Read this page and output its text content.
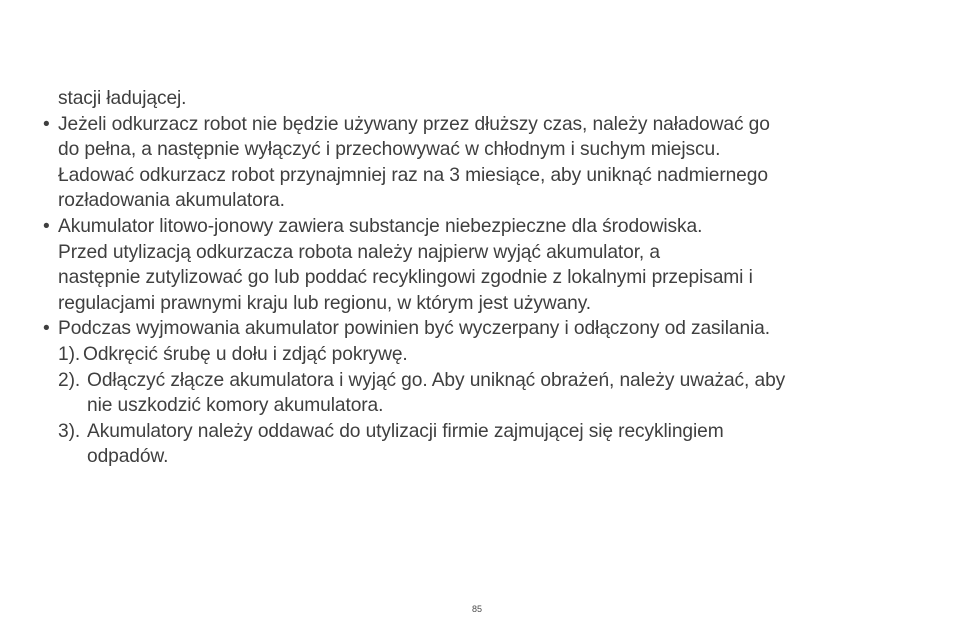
stacji ładującej.

• Jeżeli odkurzacz robot nie będzie używany przez dłuższy czas, należy naładować go
do pełna, a następnie wyłączyć i przechowywać w chłodnym i suchym miejscu.
Ładować odkurzacz robot przynajmniej raz na 3 miesiące, aby uniknąć nadmiernego
rozładowania akumulatora.
• Akumulator litowo-jonowy zawiera substancje niebezpieczne dla środowiska.
Przed utylizacją odkurzacza robota należy najpierw wyjąć akumulator, a
następnie zutylizować go lub poddać recyklingowi zgodnie z lokalnymi przepisami i
regulacjami prawnymi kraju lub regionu, w którym jest używany.
• Podczas wyjmowania akumulator powinien być wyczerpany i odłączony od zasilania.
1). Odkręcić śrubę u dołu i zdjąć pokrywę.
2). Odłączyć złącze akumulatora i wyjąć go. Aby uniknąć obrażeń, należy uważać, aby
nie uszkodzić komory akumulatora.
3). Akumulatory należy oddawać do utylizacji firmie zajmującej się recyklingiem
odpadów.
85
